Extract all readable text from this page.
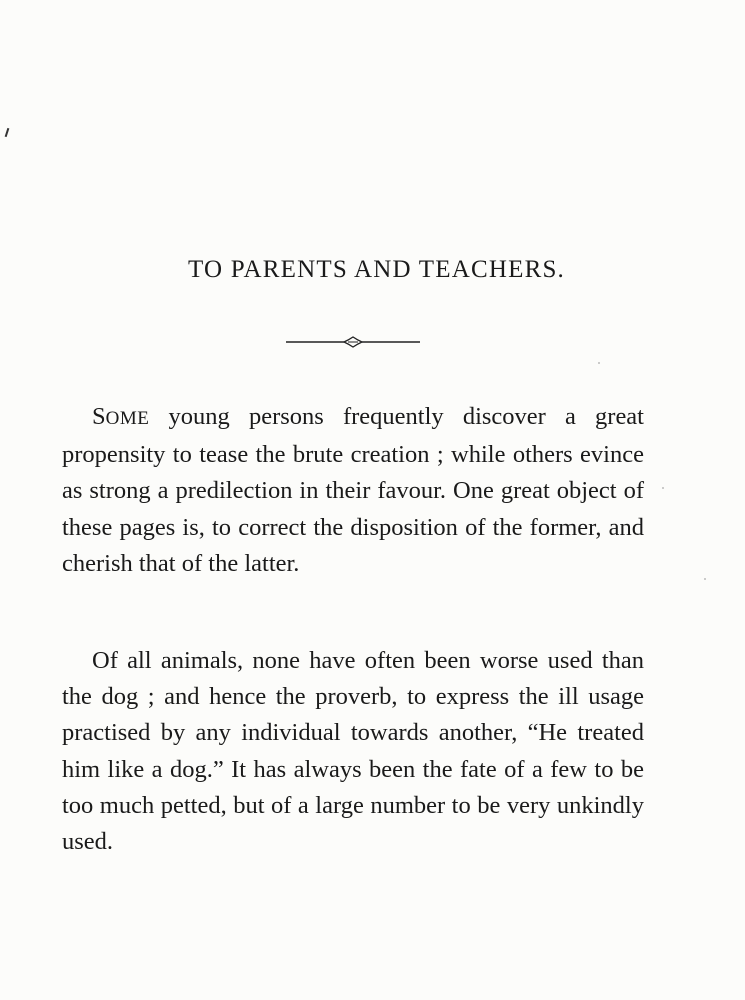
TO PARENTS AND TEACHERS.

SOME young persons frequently discover a great propensity to tease the brute creation ; while others evince as strong a predilection in their favour. One great object of these pages is, to correct the disposition of the former, and cherish that of the latter.

Of all animals, none have often been worse used than the dog ; and hence the proverb, to express the ill usage practised by any individual towards another, “He treated him like a dog.” It has always been the fate of a few to be too much petted, but of a large number to be very unkindly used.
